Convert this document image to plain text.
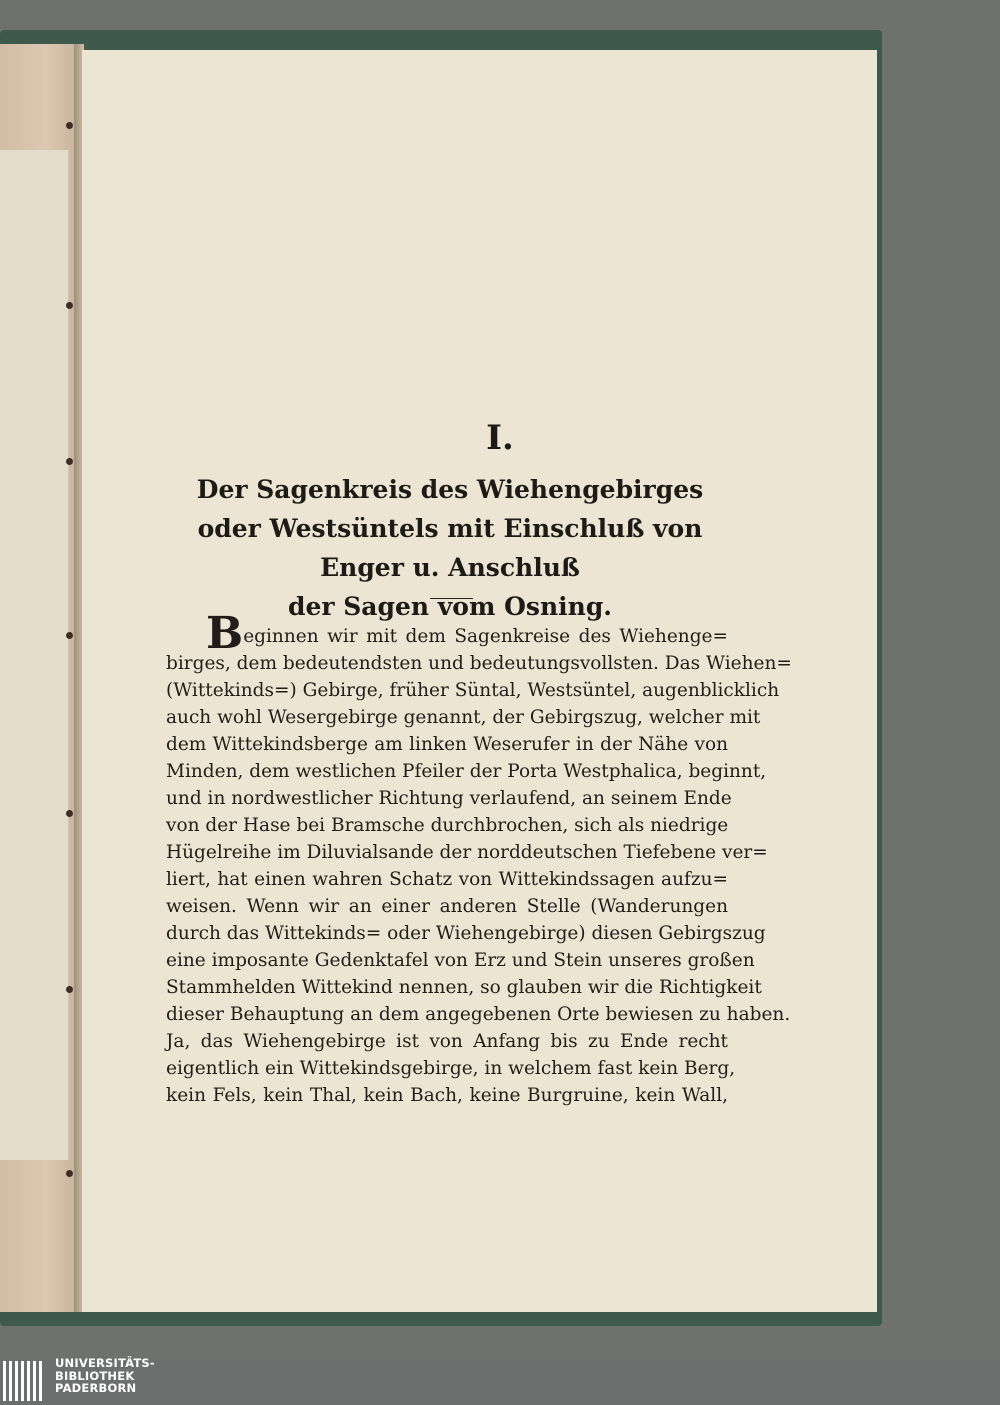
I.
Der Sagenkreis des Wiehengebirges
oder Westsüntels mit Einschluß von Enger u. Anschluß
der Sagen vom Osning.

Beginnen wir mit dem Sagenkreise des Wiehenge=
birges, dem bedeutendsten und bedeutungsvollsten. Das Wiehen=
(Wittekinds=) Gebirge, früher Süntal, Westsüntel, augenblicklich
auch wohl Wesergebirge genannt, der Gebirgszug, welcher mit
dem Wittekindsberge am linken Weserufer in der Nähe von
Minden, dem westlichen Pfeiler der Porta Westphalica, beginnt,
und in nordwestlicher Richtung verlaufend, an seinem Ende
von der Hase bei Bramsche durchbrochen, sich als niedrige
Hügelreihe im Diluvialsande der norddeutschen Tiefebene ver=
liert, hat einen wahren Schatz von Wittekindssagen aufzu=
weisen. Wenn wir an einer anderen Stelle (Wanderungen
durch das Wittekinds= oder Wiehengebirge) diesen Gebirgszug
eine imposante Gedenktafel von Erz und Stein unseres großen
Stammhelden Wittekind nennen, so glauben wir die Richtigkeit
dieser Behauptung an dem angegebenen Orte bewiesen zu haben.
Ja, das Wiehengebirge ist von Anfang bis zu Ende recht
eigentlich ein Wittekindsgebirge, in welchem fast kein Berg,
kein Fels, kein Thal, kein Bach, keine Burgruine, kein Wall,

UNIVERSITÄTS-
BIBLIOTHEK
PADERBORN
